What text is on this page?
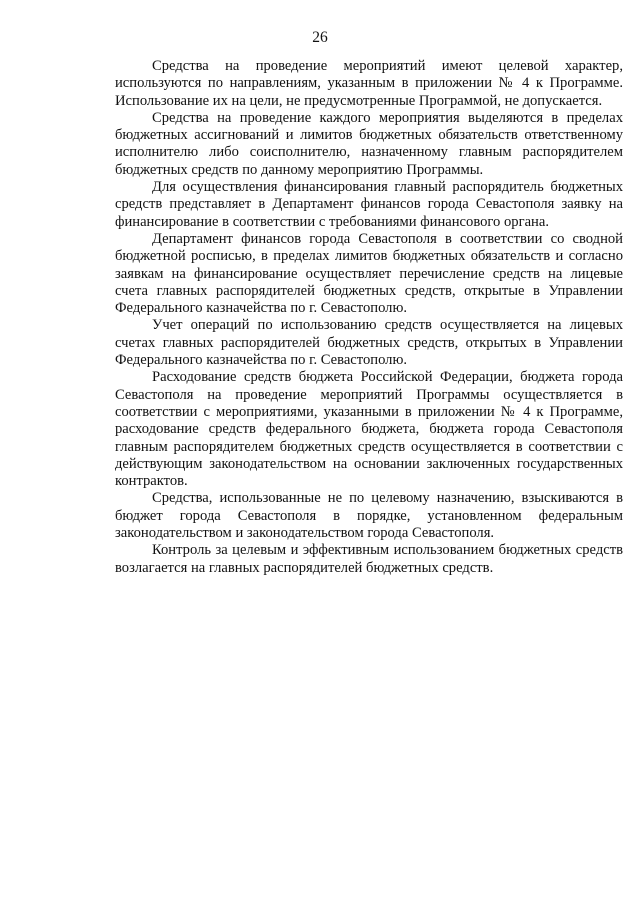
26

Средства на проведение мероприятий имеют целевой характер, используются по направлениям, указанным в приложении № 4 к Программе. Использование их на цели, не предусмотренные Программой, не допускается.

Средства на проведение каждого мероприятия выделяются в пределах бюджетных ассигнований и лимитов бюджетных обязательств ответственному исполнителю либо соисполнителю, назначенному главным распорядителем бюджетных средств по данному мероприятию Программы.

Для осуществления финансирования главный распорядитель бюджетных средств представляет в Департамент финансов города Севастополя заявку на финансирование в соответствии с требованиями финансового органа.

Департамент финансов города Севастополя в соответствии со сводной бюджетной росписью, в пределах лимитов бюджетных обязательств и согласно заявкам на финансирование осуществляет перечисление средств на лицевые счета главных распорядителей бюджетных средств, открытые в Управлении Федерального казначейства по г. Севастополю.

Учет операций по использованию средств осуществляется на лицевых счетах главных распорядителей бюджетных средств, открытых в Управлении Федерального казначейства по г. Севастополю.

Расходование средств бюджета Российской Федерации, бюджета города Севастополя на проведение мероприятий Программы осуществляется в соответствии с мероприятиями, указанными в приложении № 4 к Программе, расходование средств федерального бюджета, бюджета города Севастополя главным распорядителем бюджетных средств осуществляется в соответствии с действующим законодательством на основании заключенных государственных контрактов.

Средства, использованные не по целевому назначению, взыскиваются в бюджет города Севастополя в порядке, установленном федеральным законодательством и законодательством города Севастополя.

Контроль за целевым и эффективным использованием бюджетных средств возлагается на главных распорядителей бюджетных средств.
